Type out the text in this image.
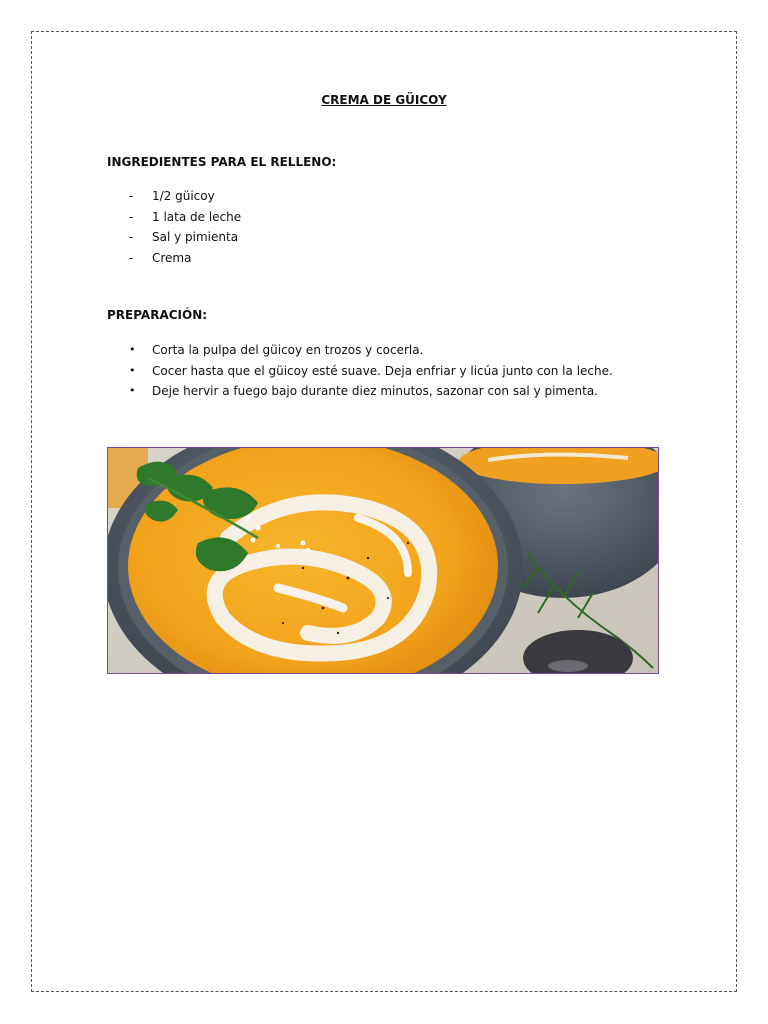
CREMA DE GÜICOY
INGREDIENTES PARA EL RELLENO:
- 1/2 güicoy
- 1 lata de leche
- Sal y pimienta
- Crema
PREPARACIÓN:
• Corta la pulpa del güicoy en trozos y cocerla.
• Cocer hasta que el güicoy esté suave. Deja enfriar y licúa junto con la leche.
• Deje hervir a fuego bajo durante diez minutos, sazonar con sal y pimenta.
